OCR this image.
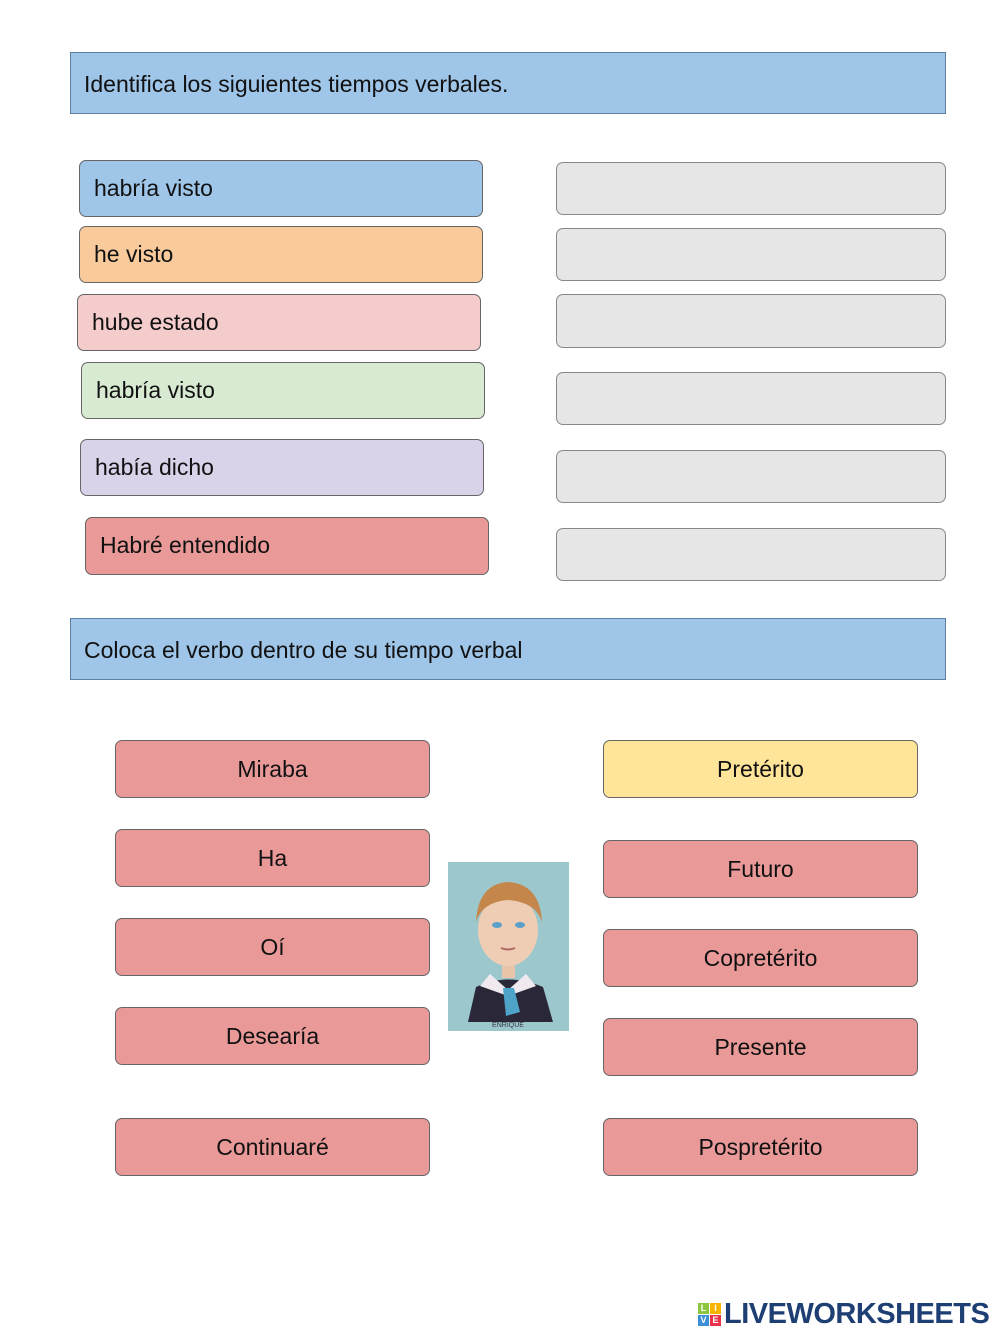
Identifica los siguientes tiempos verbales.
habría visto
he visto
hube estado
habría visto
había dicho
Habré entendido
Coloca el verbo dentro de su tiempo verbal
Miraba
Ha
Oí
Desearía
Continuaré
Pretérito
Futuro
Copretérito
Presente
Pospretérito
ENRIQUE
L I
V E LIVEWORKSHEETS
